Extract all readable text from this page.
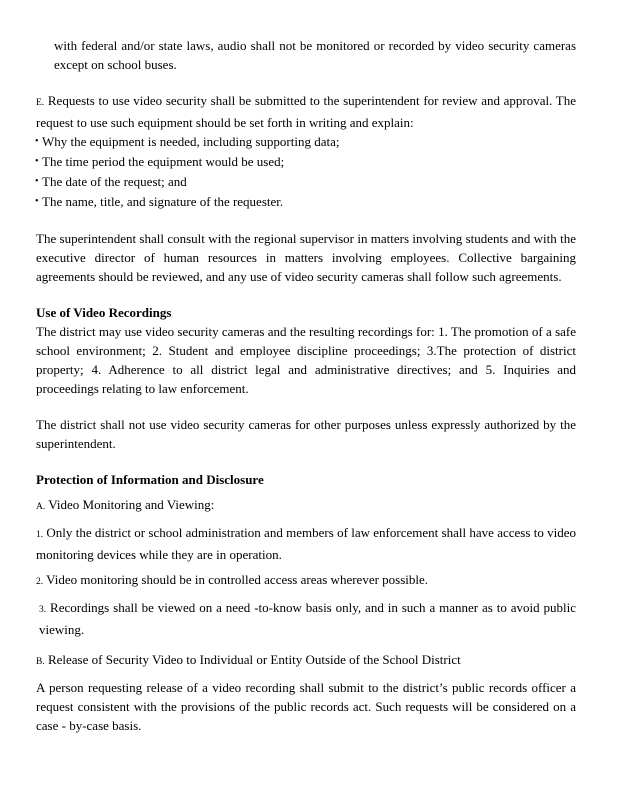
with federal and/or state laws, audio shall not be monitored or recorded by video security cameras except on school buses.

E. Requests to use video security shall be submitted to the superintendent for review and approval. The request to use such equipment should be set forth in writing and explain:

• Why the equipment is needed, including supporting data;
• The time period the equipment would be used;
• The date of the request; and
• The name, title, and signature of the requester.

The superintendent shall consult with the regional supervisor in matters involving students and with the executive director of human resources in matters involving employees. Collective bargaining agreements should be reviewed, and any use of video security cameras shall follow such agreements.

Use of Video Recordings

The district may use video security cameras and the resulting recordings for: 1. The promotion of a safe school environment; 2. Student and employee discipline proceedings; 3.The protection of district property; 4. Adherence to all district legal and administrative directives; and 5. Inquiries and proceedings relating to law enforcement.

The district shall not use video security cameras for other purposes unless expressly authorized by the superintendent.

Protection of Information and Disclosure

A. Video Monitoring and Viewing:

1. Only the district or school administration and members of law enforcement shall have access to video monitoring devices while they are in operation.

2. Video monitoring should be in controlled access areas wherever possible.

3. Recordings shall be viewed on a need -to-know basis only, and in such a manner as to avoid public viewing.

B. Release of Security Video to Individual or Entity Outside of the School District

A person requesting release of a video recording shall submit to the district’s public records officer a request consistent with the provisions of the public records act. Such requests will be considered on a case - by-case basis.
